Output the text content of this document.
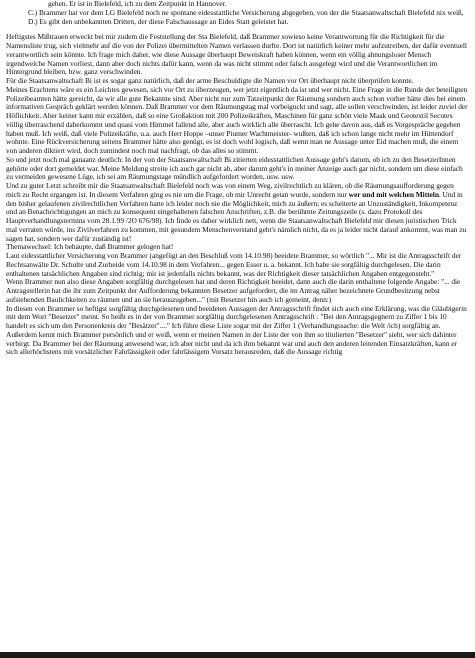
gehen. Er ist in Bielefeld, ich zu dem Zeitpunkt in Hannover.
C.) Brammer hat vor dem LG Bielefeld noch ne spontane eidesstattliche Versicherung abgegeben, von der die Staatsanwaltschaft Bielefeld nix weiß,
D.) Es gibt den unbekannten Dritten, der diese Falschaussage an Eides Statt geleistet hat.

Heftigstes Mißtrauen erweckt bei mir zudem die Feststellung der Sta Bielefeld, daß Brammer sowieso keine Verantwortung für die Richtigkeit für die Namensliste trug, sich vielmehr auf die von der Polizei übermittelten Namen verlassen durfte. Dort ist natürlich keiner mehr aufzutreiben, der dafür eventuell verantwortlich sein könnte. Ich frage mich daher, wie diese Aussage überhaupt Beweiskraft haben können, wenn ein völlig ahnungsloser Mensch irgendwelche Namen vorliest, dann aber doch nichts dafür kann, wenn da was nicht stimmt oder falsch ausgelegt wird und die Verantwortlichen im Hintergrund bleiben, bzw. ganz verschwinden.

Für die Staatsanwaltschaft Bi ist es sogar ganz natürlich, daß der arme Beschuldigte die Namen vor Ort überhaupt nicht überprüfen konnte.

Meines Erachtens wäre es ein Leichtes gewesen, sich vor Ort zu überzeugen, wer jetzt eigentlich da ist und wer nicht. Eine Frage in die Runde der beteiligten Polizeibeamten hätte gereicht, da wir alle gute Bekannte sind. Aber nicht nur zum Tatzeitpunkt der Räumung sondern auch schon vorher hätte dies bei einem informativen Gespräch geklärt werden können. Daß Brammer vor dem Räumungstag mal vorbeiguckt und sagt, alle sollen verschwinden, ist leider zuviel der Höflichkeit. Aber keiner kann mir erzählen, daß so eine Großaktion mit 200 Polizeikräften, Maschinen für ganz schön viele Maak und Geotextil Secutex völlig überraschend daherkommt und quasi vom Himmel fallend alle, aber auch wirklich alle überrascht. Ich gehe davon aus, daß es Vorgespräche gegeben haben muß. Ich weiß, daß viele Polizeikräfte, u.a. auch Herr Hoppe –unser Piumer Wachtmeister- wußten, daß ich schon lange nicht mehr im Hüttendorf wohnte. Eine Rückversicherung seitens Brammer hätte also genügt, es ist doch wohl logisch, daß wenn man ne Aussage unter Eid machen muß, die einem von anderen diktiert wird, doch zumindest noch mal nachfragt, ob das alles so stimmt.

So und jetzt noch mal ganaanz deutlich: In der von der Staatsanwaltschaft Bi zitierten eidesstattlichen Aussage geht's darum, ob ich zu den BesetzerInnen gehörte oder dort gemeldet war. Meine Meldung streite ich auch gar nicht ab, aber darum geht's in meiner Anzeige auch gar nicht, sondern um diese einfach zu vermeiden gewesene Lüge, ich sei am Räumungstage mündlich aufgefordert worden, usw. usw.

Und zu guter Letzt schreibt mir die Staatsanwaltschaft Bielefeld noch was von einem Weg, zivilrechtlich zu klären, ob die Räumungsaufforderung gegen mich zu Recht ergangen ist. In diesem Verfahren ging es nie um die Frage, ob mir Unrecht getan wurde, sondern nur wer und mit welchen Mitteln. Und in den bisher gelaufenen zivilrechtlichen Verfahren hatte ich leider noch nie die Möglichkeit, mich zu äußern; es scheiterte an Unzuständigkeit, Inkompetenz und an Benachrichtigungen an mich zu konsequent eingehaltenen falschen Anschriften, z.B. die berühmte Zeitungszeile (s. dazu Protokoll des Hauptverhandlungstermins vom 28.1.99 /2O 676/98). Ich finde es daher wirklich nett, wenn die Staatsanwaltschaft Bielefeld mir diesen juristischen Trick mal verraten würde, ins Zivilverfahren zu kommen, mit gesundem Menschenverstand geht's nämlich nicht, da es ja leider nicht darauf ankommt, was man zu sagen hat, sondern wer dafür zuständig ist!

Themawechsel: Ich behaupte, daß Brammer gelogen hat!

Laut eidesstattlicher Versicherung von Brammer (angefügt an den Beschluß vom 14.10.98) beeidete Brammer, so wörtlich "... Mir ist die Antragsschrift der Rechtsanwälte Dr. Schulte und Zurheide vom 14.10.98 in dem Verfahren... gegen Esser u. a. bekannt. Ich habe sie sorgfältig durchgelesen. Die darin enthaltenen tatsächlichen Angaben sind richtig; mir ist jedenfalls nichts bekannt, was der Richtigkeit dieser tatsächlichen Angaben entgegensteht."

Wenn Brammer nun also diese Angaben sorgfältig durchgelesen hat und deren Richtigkeit beeidet, dann auch die darin enthaltene folgende Angabe: "... die Antragstellerin hat die ihr zum Zeitpunkt der Aufforderung bekannten Besetzer aufgefordert, die im Antrag näher bezeichnete Grundbesitzung nebst aufstehenden Baulichkeiten zu räumen und an sie herauszugeben..." (mit Besetzer bin auch ich gemeint, denn:)

In diesen von Brammer so heftigst sorgfältig durchgelesenen und beeideten Aussagen der Antragsschrift findet sich auch eine Erklärung, was die Gläubigerin mit dem Wort "Besetzer" meint. So heißt es in der von Brammer sorgfältig durchgelesenen Antragsschrift : "Bei den Antragsgegnern zu Ziffer 1 bis 10 handelt es sich um den Personenkreis der "Besätzer"...." Ich führe diese Liste sogar mit der Ziffer 1 (Verhandlungssache: die Welt /ich) sorgfältig an. Außerdem kennt mich Brammer persönlich und er weiß, wenn er meinen Namen in der Liste der von ihm so titulierten "Besetzer" sieht, wer sich dahinter verbirgt. Da Brammer bei der Räumung anwesend war, ich aber nicht und da ich ihm bekannt war und auch den anderen leitenden Einsatzkräften, kann er sich allerhöchstens mit vorsätzlicher Fahrlässigkeit oder fahrlässigem Vorsatz herausreden, daß die Aussage richtig
